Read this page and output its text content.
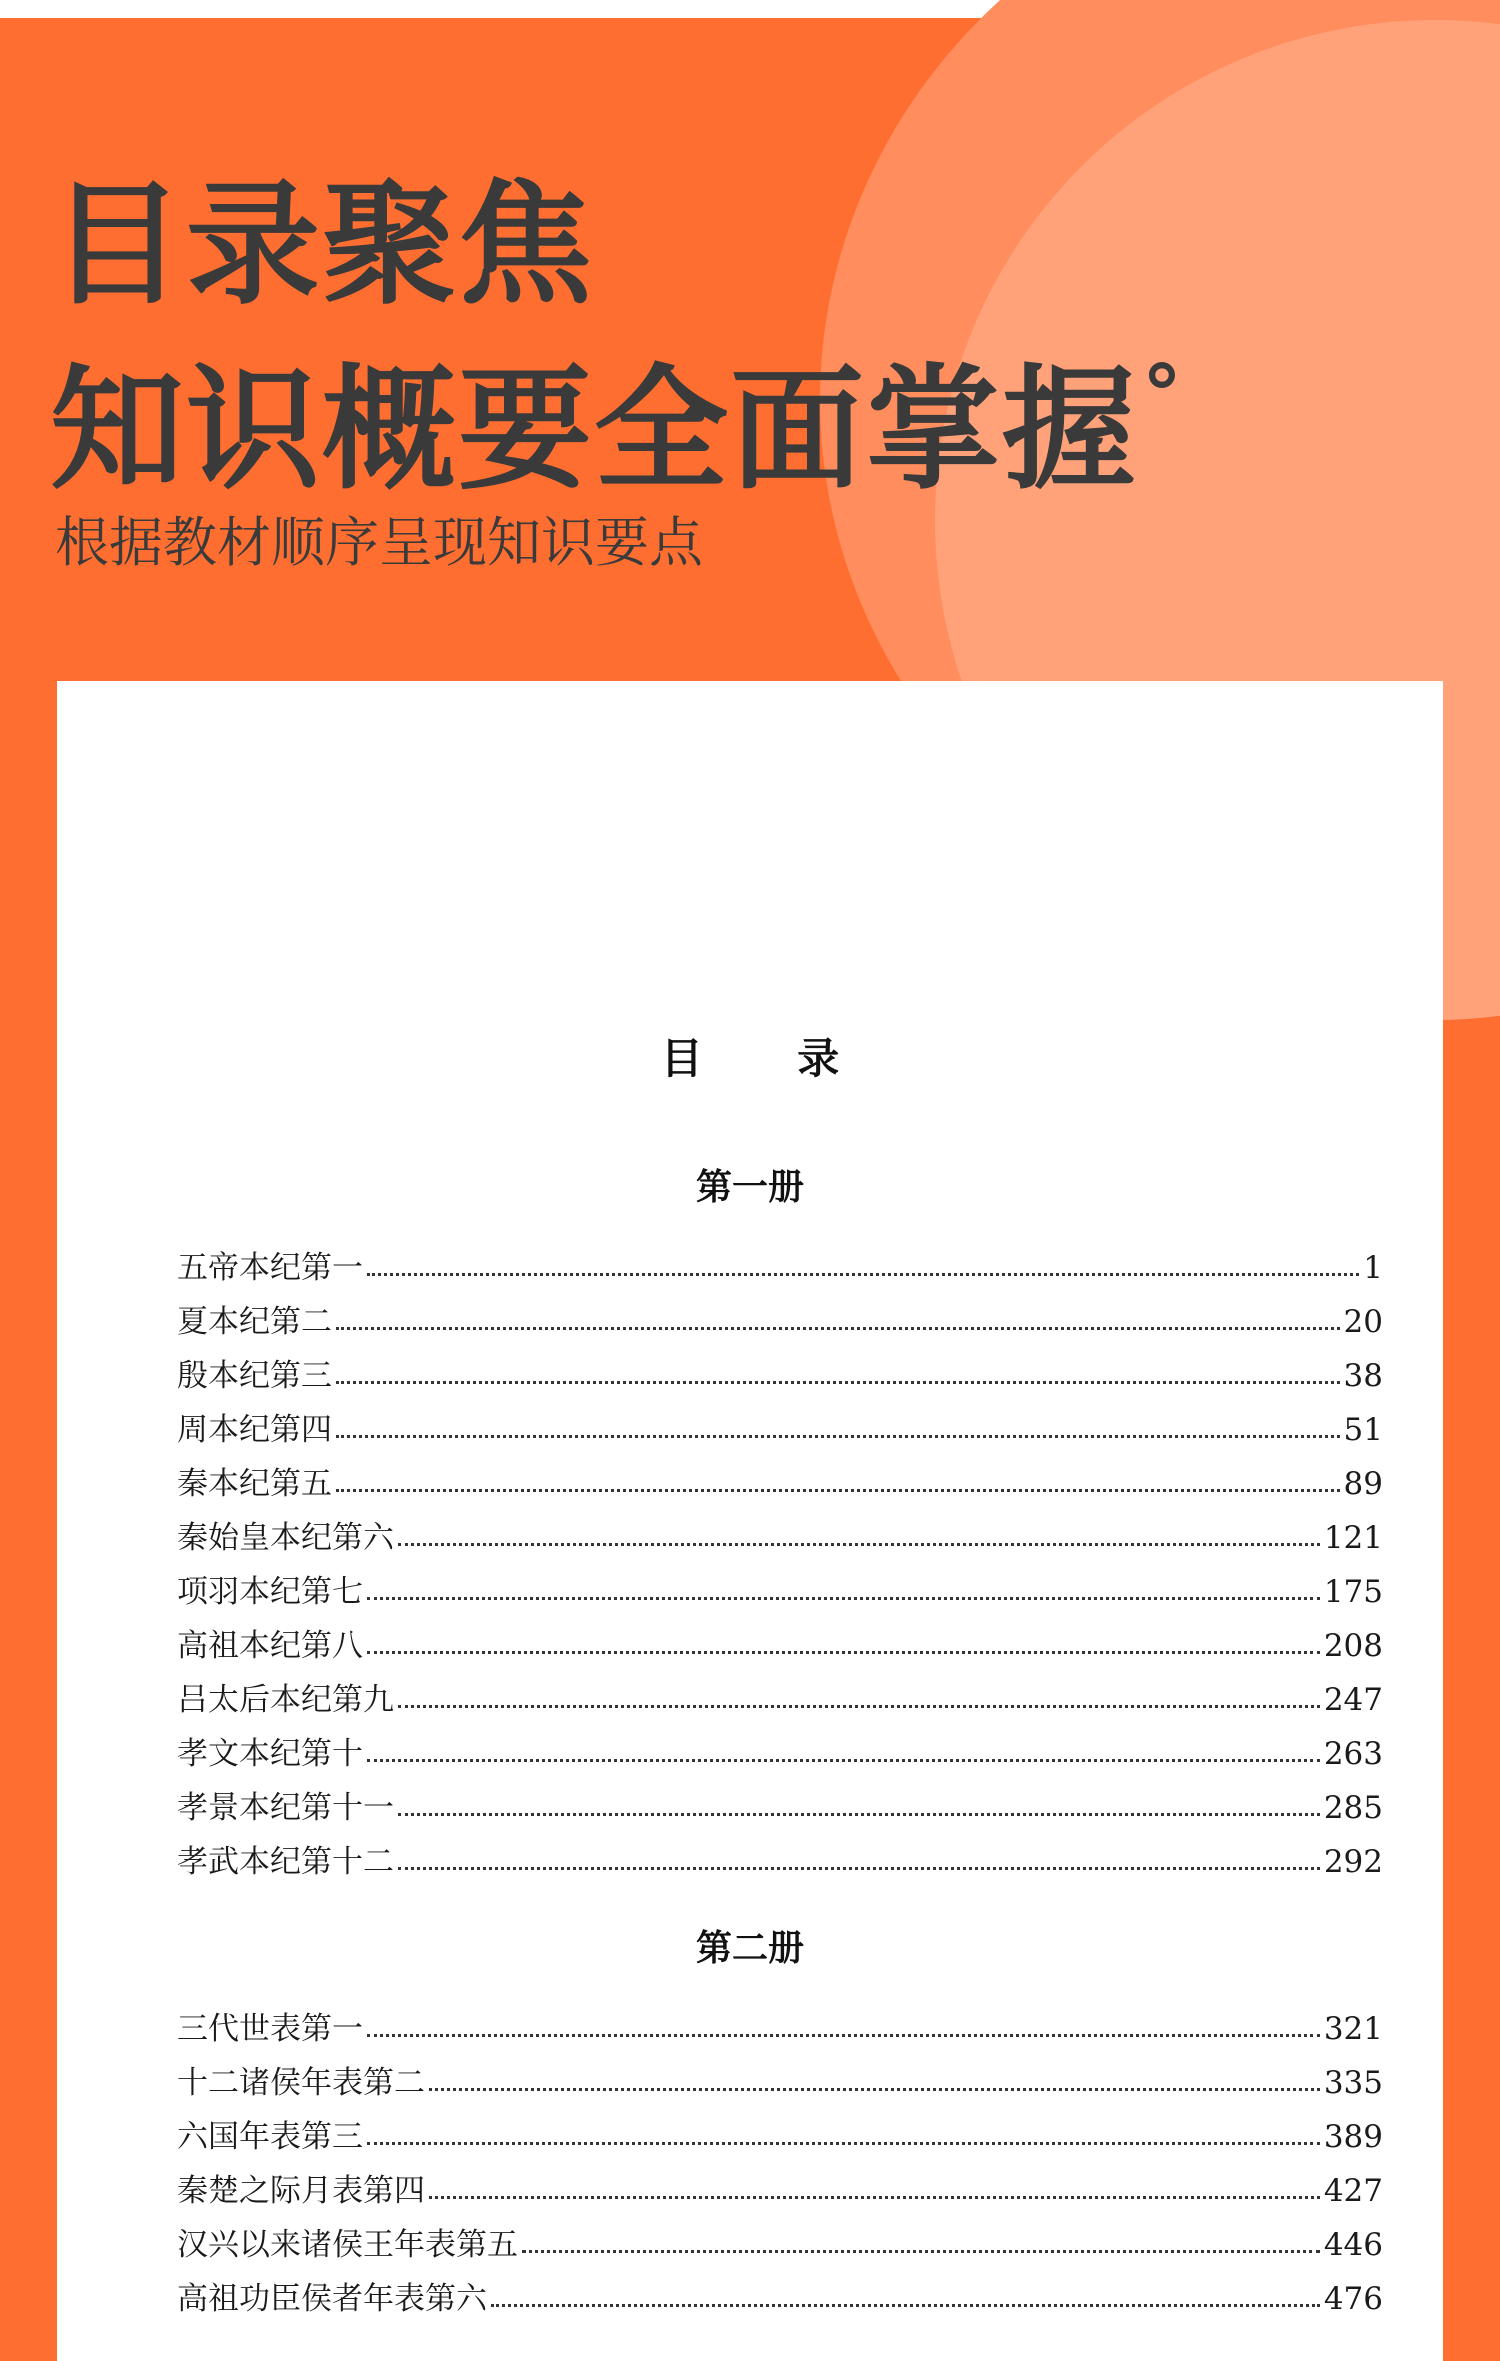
目录聚焦
知识概要全面掌握°

根据教材顺序呈现知识要点

目 录
第一册
五帝本纪第一	1
夏本纪第二	20
殷本纪第三	38
周本纪第四	51
秦本纪第五	89
秦始皇本纪第六	121
项羽本纪第七	175
高祖本纪第八	208
吕太后本纪第九	247
孝文本纪第十	263
孝景本纪第十一	285
孝武本纪第十二	292
第二册
三代世表第一	321
十二诸侯年表第二	335
六国年表第三	389
秦楚之际月表第四	427
汉兴以来诸侯王年表第五	446
高祖功臣侯者年表第六	476
